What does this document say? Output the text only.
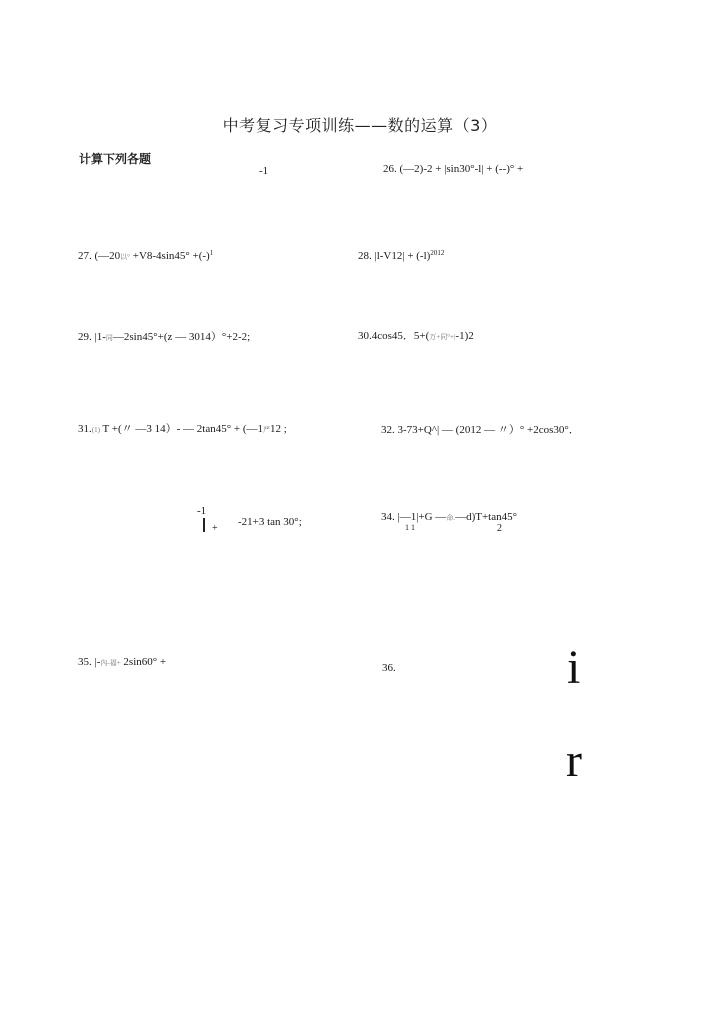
中考复习专项训练——数的运算（3）
计算下列各题
-1	26. (—2)-2 + |sin30°-l| + (--)° +
27. (—20以° $+V8-4\sin 45^\circ +(-)^1$	28. $|l-V12| + (-l)^{2012}$
29. |1-同—2sin45°+(z — 3014）°+2-2;	30.4cos45．5+(万+同°+|-1)2
31.(1) T +(〃 —3 14）- — 2tan45° + (—1严12 ;	32. 3-73+Q^| — (2012 — 〃）° +2cos30°．
-1
+
-21+3 tan 30°;	34. |—1|+G —命.—d)T+tan45°
1 1	2
35. |-內-福+ 2sin60° +	36.	i
r
